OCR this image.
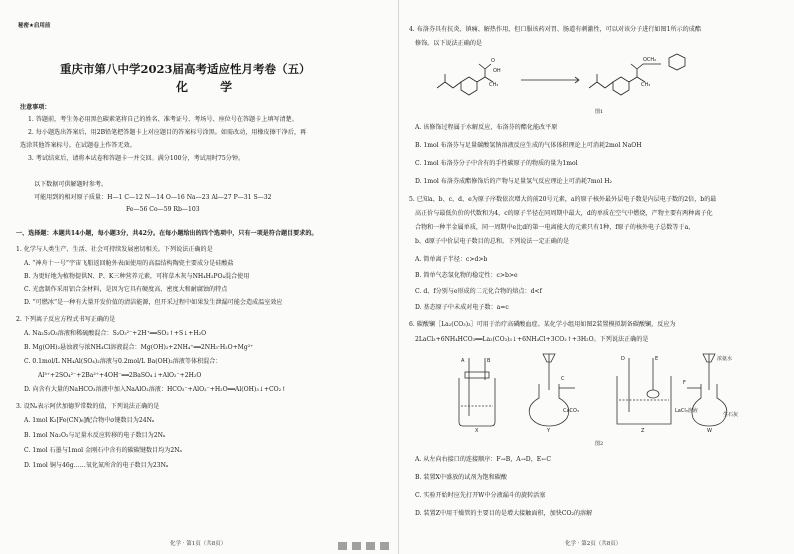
秘密★启用前
重庆市第八中学2023届高考适应性月考卷（五）
化 学
注意事项：
1. 答题前，考生务必用黑色碳素笔将自己的姓名、准考证号、考场号、座位号在答题卡上填写清楚。
2. 每小题选出答案后，用2B铅笔把答题卡上对应题目的答案标号涂黑。如需改动，用橡皮擦干净后，再
选涂其他答案标号。在试题卷上作答无效。
3. 考试结束后，请将本试卷和答题卡一并交回。满分100分，考试用时75分钟。
以下数据可供解题时参考。
可能用到的相对原子质量：H—1 C—12 N—14 O—16 Na—23 Al—27 P—31 S—32
Fe—56 Co—59 Rb—103
一、选择题：本题共14小题，每小题3分，共42分。在每小题给出的四个选项中，只有一项是符合题目要求的。
1. 化学与人类生产、生活、社会可持续发展密切相关。下列说法正确的是
A. “神舟十一号”宇宙飞船返回舱外表面使用的高温结构陶瓷主要成分是硅酸盐
B. 为更好地为植物提供N、P、K三种营养元素，可将草木灰与NH₄H₂PO₄混合使用
C. 光盘制作采用铝合金材料，是因为它具有硬度高、密度大和耐腐蚀的特点
D. “可燃冰”是一种有大量开发价值的清洁能源，但开采过程中如果发生泄漏可能会造成温室效应
2. 下列离子反应方程式书写正确的是
A. Na₂S₂O₃溶液和稀硫酸混合：S₂O₃²⁻+2H⁺══SO₂↑+S↓+H₂O
B. Mg(OH)₂悬浊液与浓NH₄Cl溶液混合：Mg(OH)₂+2NH₄⁺══2NH₃·H₂O+Mg²⁺
C. 0.1mol/L NH₄Al(SO₄)₂溶液与0.2mol/L Ba(OH)₂溶液等体积混合：
Al³⁺+2SO₄²⁻+2Ba²⁺+4OH⁻══2BaSO₄↓+AlO₂⁻+2H₂O
D. 向含有大量的NaHCO₃溶液中加入NaAlO₂溶液：HCO₃⁻+AlO₂⁻+H₂O══Al(OH)₃↓+CO₂↑
3. 设Nₐ表示阿伏加德罗常数的值，下列说法正确的是
A. 1mol K₃[Fe(CN)₆]配合物中σ键数目为24Nₐ
B. 1mol Na₂O₂与足量水反应转移的电子数目为2Nₐ
C. 1mol 石墨与1mol 金刚石中含有的碳碳键数目均为2Nₐ
D. 1mol 铜与46g……氧化氮所含的电子数目为23Nₐ
化学 · 第1页（共8页）
4. 布洛芬具有抗炎、镇痛、解热作用，但口服该药对胃、肠道有刺激性，可以对该分子进行如图1所示的成酯
修饰。以下说法正确的是
O
OH
CH₃	CH₃
OCH₂
图1
A. 该修饰过程属于水解反应，布洛芬的酯化能改平原
B. 1mol 布洛芬与足量碳酸氢钠溶液反应生成的气体体积理论上可消耗2mol NaOH
C. 1mol 布洛芬分子中含有的手性碳原子的物质的量为1mol
D. 1mol 布洛芬成酯修饰后的产物与足量氢气反应理论上可消耗7mol H₂
5. 已知a、b、c、d、e为原子序数依次增大的前20号元素，a的原子核外最外层电子数是内层电子数的2倍，b的最
高正价与最低负价的代数和为4，c的原子半径在同周期中最大，d的单质在空气中燃烧，产物主要有两种离子化
合物和一种半金属单质，同一周期中e比d的第一电离能大的元素只有1种，f原子的核外电子总数等于a、
b、d原子中价层电子数目的总和。下列说法一定正确的是
A. 简单离子半径：c>d>b
B. 简单气态氢化物的稳定性：c>b>e
C. d、f分别与e形成的二元化合物的熔点：d<f
D. 基态原子中未成对电子数：a=c
6. 碳酸镧［La₂(CO₃)₃］可用于治疗高磷酸血症。某化学小组用如图2装置模拟制备碳酸镧，反应为
2LaCl₃+6NH₄HCO₃══La₂(CO₃)₃↓+6NH₄Cl+3CO₂↑+3H₂O。下列说法正确的是
A	B
X
C
CaCO₃
Y
D	E
LaCl₃溶液
Z
F
浓氨水
生石灰
W
图2
A. 从左向右接口的连接顺序：F→B，A→D，E←C
B. 装置X中盛放的试剂为饱和碳酸
C. 实验开始时应先打开W中分液漏斗的旋转活塞
D. 装置Z中用干燥管的主要目的是增大接触面积，加快CO₂的溶解
化学 · 第2页（共8页）
